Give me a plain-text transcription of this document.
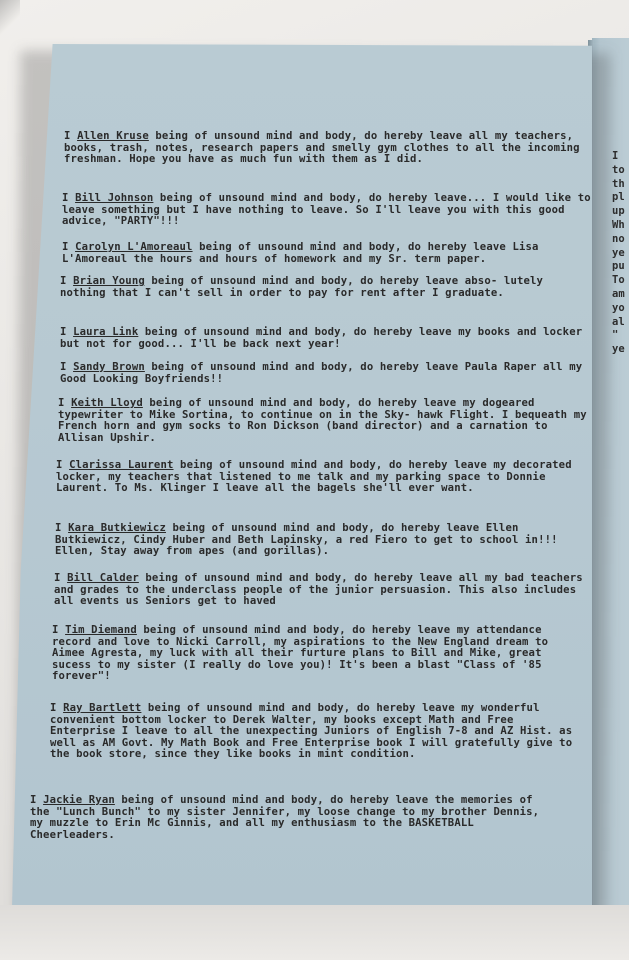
I
to
th
pl
up
Wh
no
ye
pu
To
am
yo
al
"
ye

I Allen Kruse being of unsound mind and body, do hereby leave all my teachers, books, trash, notes, research papers and smelly gym clothes to all the incoming freshman. Hope you have as much fun with them as I did.

I Bill Johnson being of unsound mind and body, do hereby leave... I would like to leave something but I have nothing to leave. So I'll leave you with this good advice, "PARTY"!!!

I Carolyn L'Amoreaul being of unsound mind and body, do hereby leave Lisa L'Amoreaul the hours and hours of homework and my Sr. term paper.

I Brian Young being of unsound mind and body, do hereby leave abso- lutely nothing that I can't sell in order to pay for rent after I graduate.

I Laura Link being of unsound mind and body, do hereby leave my books and locker but not for good... I'll be back next year!

I Sandy Brown being of unsound mind and body, do hereby leave Paula Raper all my Good Looking Boyfriends!!

I Keith Lloyd being of unsound mind and body, do hereby leave my dogeared typewriter to Mike Sortina, to continue on in the Sky- hawk Flight. I bequeath my French horn and gym socks to Ron Dickson (band director) and a carnation to Allisan Upshir.

I Clarissa Laurent being of unsound mind and body, do hereby leave my decorated locker, my teachers that listened to me talk and my parking space to Donnie Laurent. To Ms. Klinger I leave all the bagels she'll ever want.

I Kara Butkiewicz being of unsound mind and body, do hereby leave Ellen Butkiewicz, Cindy Huber and Beth Lapinsky, a red Fiero to get to school in!!! Ellen, Stay away from apes (and gorillas).

I Bill Calder being of unsound mind and body, do hereby leave all my bad teachers and grades to the underclass people of the junior persuasion. This also includes all events us Seniors get to haved

I Tim Diemand being of unsound mind and body, do hereby leave my attendance record and love to Nicki Carroll, my aspirations to the New England dream to Aimee Agresta, my luck with all their furture plans to Bill and Mike, great sucess to my sister (I really do love you)! It's been a blast "Class of '85 forever"!

I Ray Bartlett being of unsound mind and body, do hereby leave my wonderful convenient bottom locker to Derek Walter, my books except Math and Free Enterprise I leave to all the unexpecting Juniors of English 7-8 and AZ Hist. as well as AM Govt. My Math Book and Free Enterprise book I will gratefully give to the book store, since they like books in mint condition.

I Jackie Ryan being of unsound mind and body, do hereby leave the memories of the "Lunch Bunch" to my sister Jennifer, my loose change to my brother Dennis, my muzzle to Erin Mc Ginnis, and all my enthusiasm to the BASKETBALL Cheerleaders.
